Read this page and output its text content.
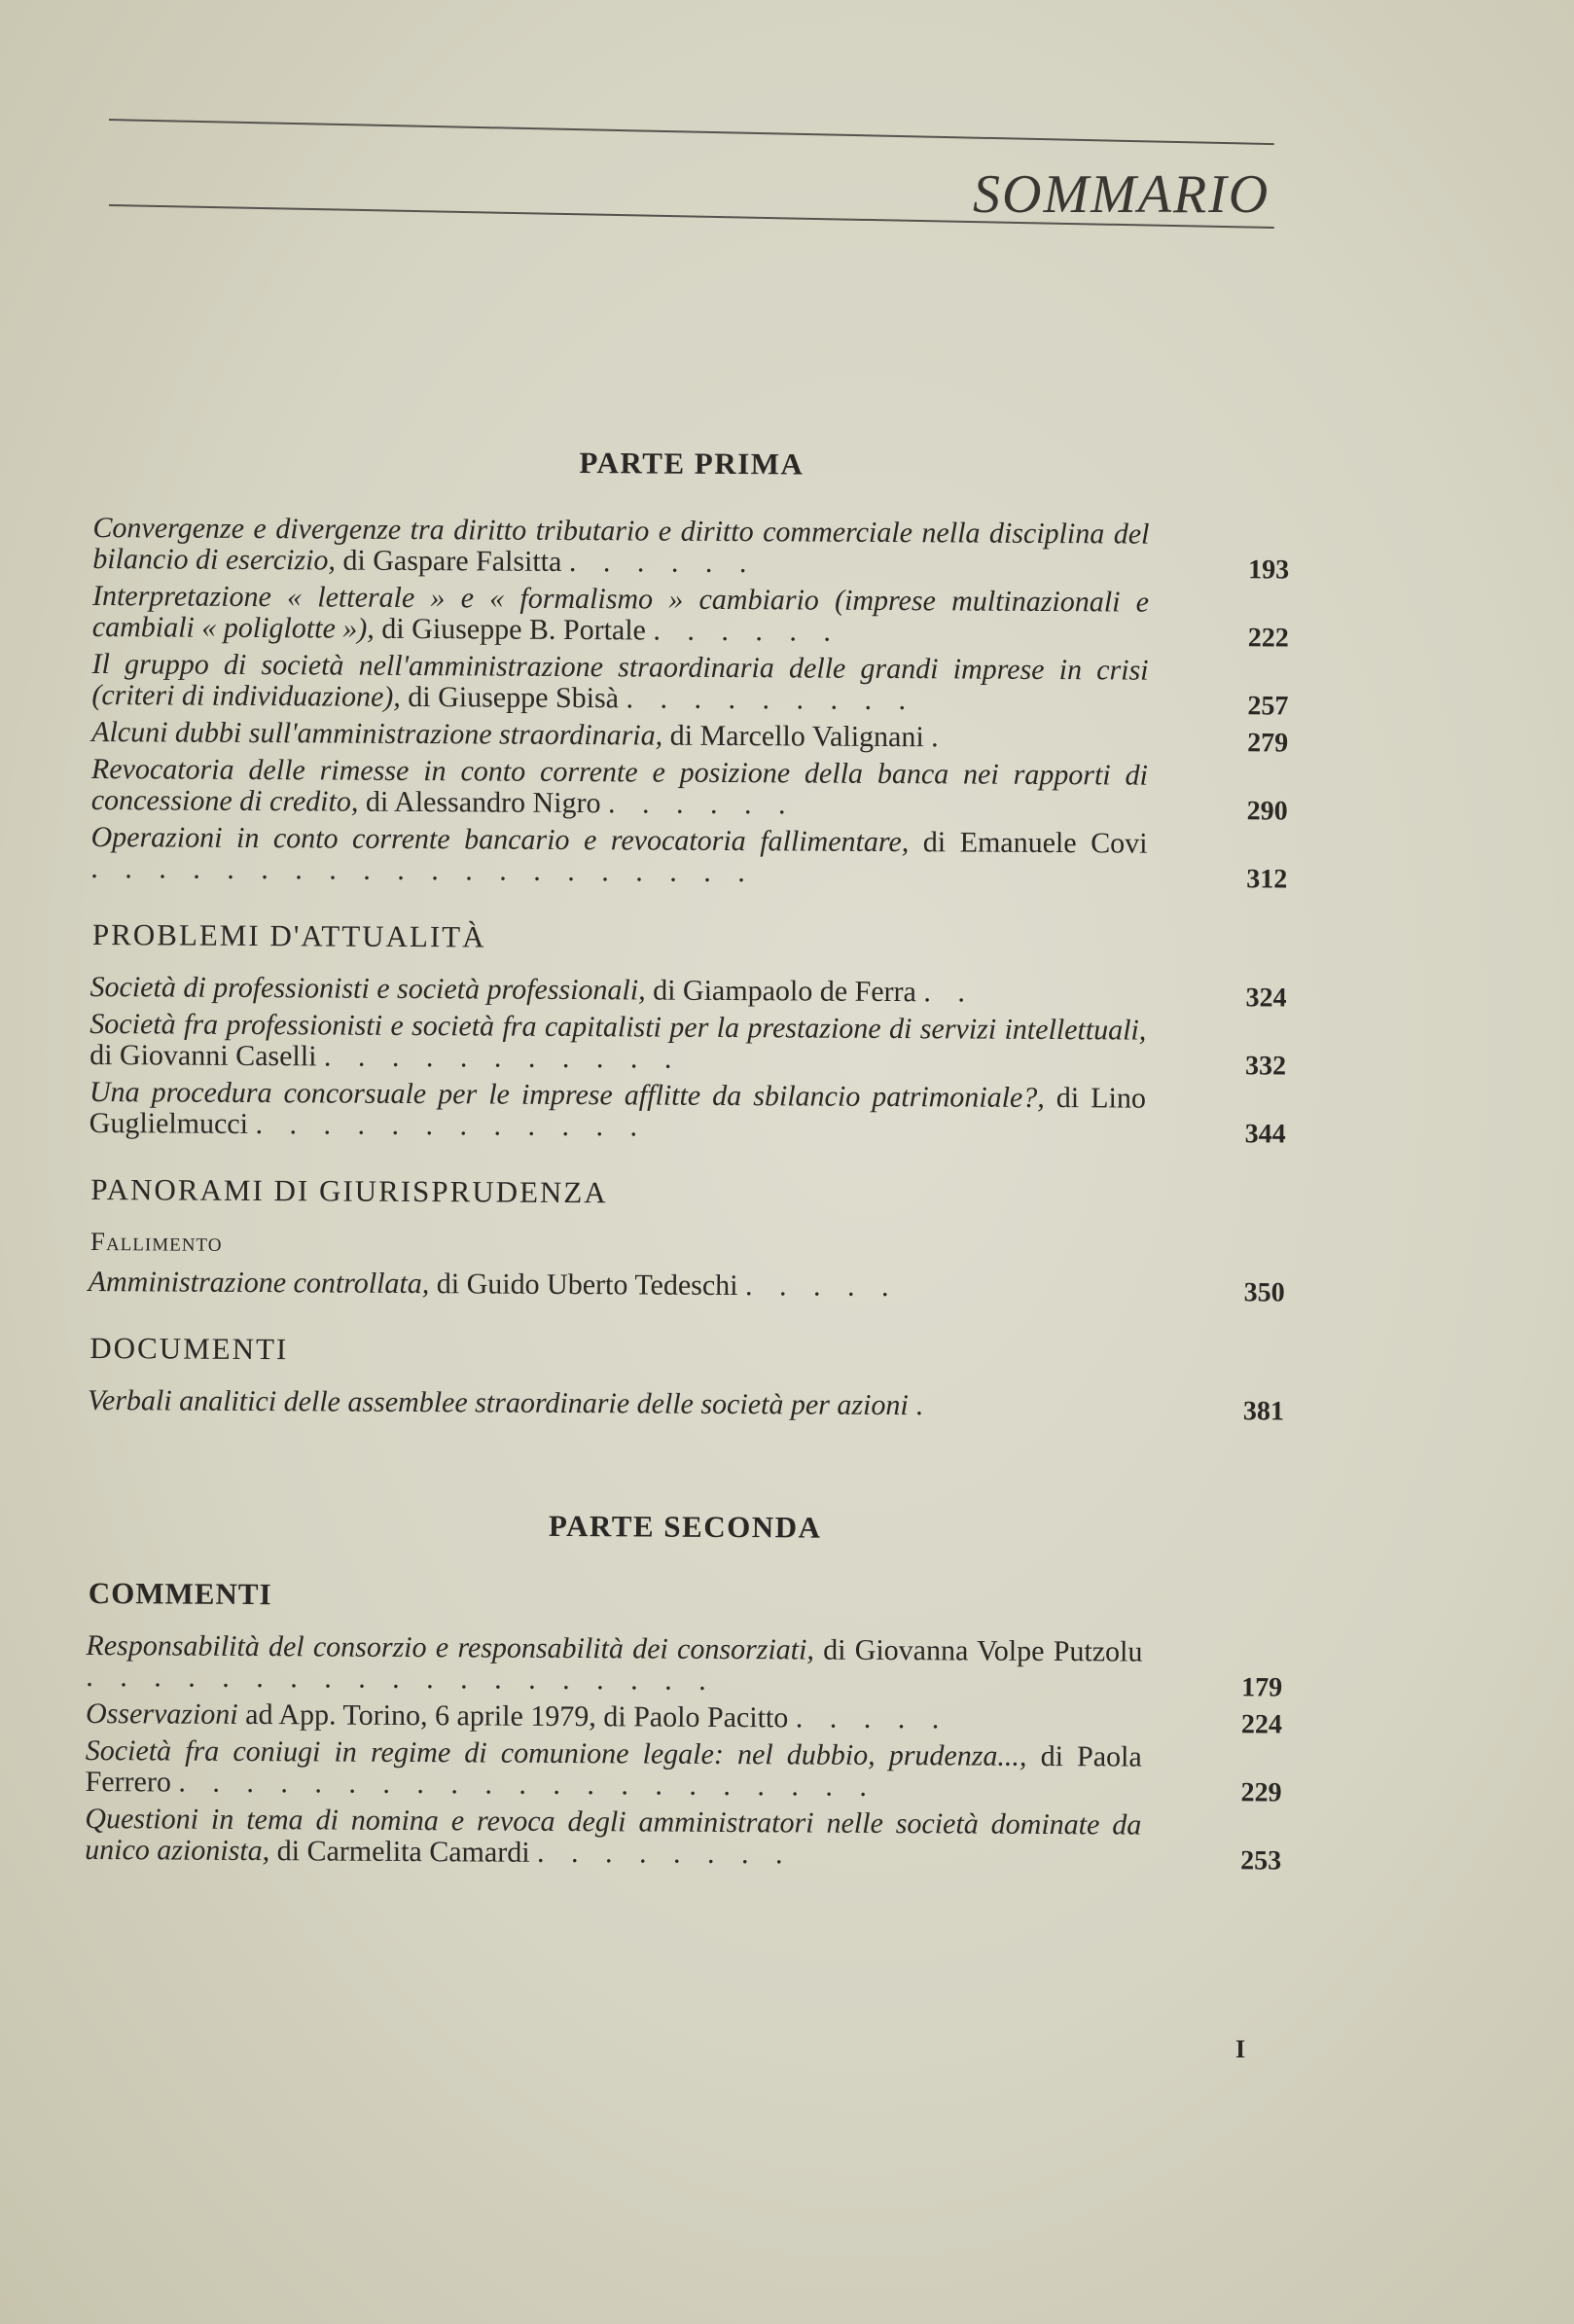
SOMMARIO
PARTE PRIMA
Convergenze e divergenze tra diritto tributario e diritto commerciale nella disciplina del bilancio di esercizio, di Gaspare Falsitta . . . . . .	193
Interpretazione « letterale » e « formalismo » cambiario (imprese multinazionali e cambiali « poliglotte »), di Giuseppe B. Portale . . . . . .	222
Il gruppo di società nell'amministrazione straordinaria delle grandi imprese in crisi (criteri di individuazione), di Giuseppe Sbisà . . . . . . . . .	257
Alcuni dubbi sull'amministrazione straordinaria, di Marcello Valignani .	279
Revocatoria delle rimesse in conto corrente e posizione della banca nei rapporti di concessione di credito, di Alessandro Nigro . . . . . .	290
Operazioni in conto corrente bancario e revocatoria fallimentare, di Emanuele Covi . . . . . . . . . . . . . . . . . . . .	312
PROBLEMI D'ATTUALITÀ
Società di professionisti e società professionali, di Giampaolo de Ferra . .	324
Società fra professionisti e società fra capitalisti per la prestazione di servizi intellettuali, di Giovanni Caselli . . . . . . . . . . .	332
Una procedura concorsuale per le imprese afflitte da sbilancio patrimoniale?, di Lino Guglielmucci . . . . . . . . . . . .	344
PANORAMI DI GIURISPRUDENZA
Fallimento
Amministrazione controllata, di Guido Uberto Tedeschi . . . . .	350
DOCUMENTI
Verbali analitici delle assemblee straordinarie delle società per azioni .	381
PARTE SECONDA
COMMENTI
Responsabilità del consorzio e responsabilità dei consorziati, di Giovanna Volpe Putzolu . . . . . . . . . . . . . . . . . . .	179
Osservazioni ad App. Torino, 6 aprile 1979, di Paolo Pacitto . . . . .	224
Società fra coniugi in regime di comunione legale: nel dubbio, prudenza..., di Paola Ferrero . . . . . . . . . . . . . . . . . . . . .	229
Questioni in tema di nomina e revoca degli amministratori nelle società dominate da unico azionista, di Carmelita Camardi . . . . . . . .	253
I
